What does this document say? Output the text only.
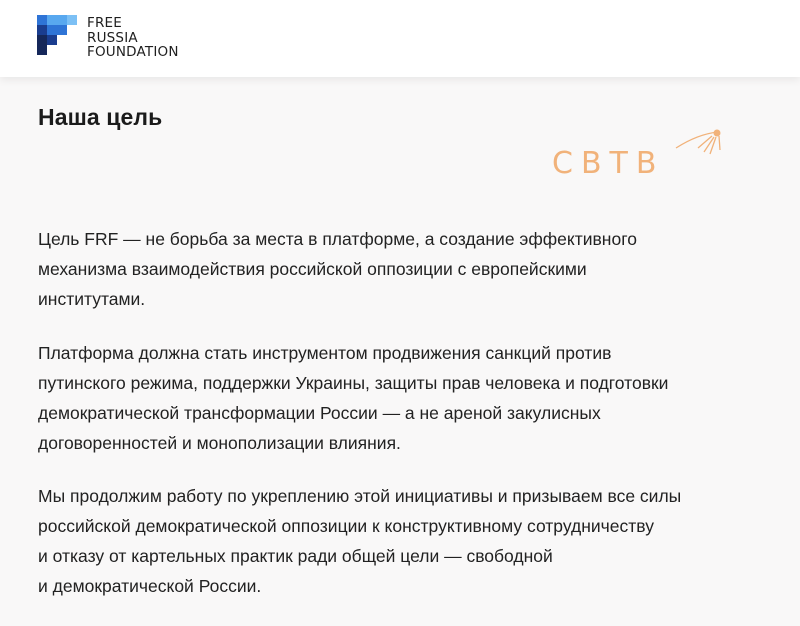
FREE
RUSSIA
FOUNDATION
Наша цель
СВТВ

Цель FRF — не борьба за места в платформе, а создание эффективного
механизма взаимодействия российской оппозиции с европейскими
институтами.

Платформа должна стать инструментом продвижения санкций против
путинского режима, поддержки Украины, защиты прав человека и подготовки
демократической трансформации России — а не ареной закулисных
договоренностей и монополизации влияния.

Мы продолжим работу по укреплению этой инициативы и призываем все силы
российской демократической оппозиции к конструктивному сотрудничеству
и отказу от картельных практик ради общей цели — свободной
и демократической России.
